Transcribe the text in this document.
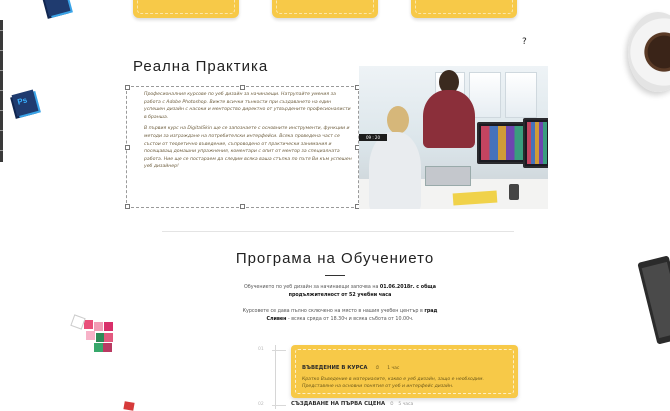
Ps
?
Реална Практика

Професионалния курсове по уеб дизайн за начинаещи. Натрупайте умения за работа с Adobe Photoshop. Вижте всички тънкости при създаването на един успешен дизайн с насоки и менторство директно от утвърдените професионалисти в бранша.

В първия курс на DigitalSkin ще се запознаете с основните инструменти, функции и методи за изграждане на потребителски интерфейси. Всяка проведена част се състои от теоретично въведение, съпроводено от практически занимания и посещаващ домашни упражнения, коментари с опит от ментор за специалната работа. Ние ще се постараем да следим всяка ваша стъпка по пътя Ви към успешен уеб дизайнер!

09 : 20
Програма на Обучението
Обучението по уеб дизайн за начинаещи започва на 01.06.2018г. с обща продължителност от 52 учебни часа
Курсовете се дава пълно сключено на място в нашия учебен център в град Сливен - всяка сряда от 18.30ч и всяка събота от 10.00ч.
01
02
ВЪВЕДЕНИЕ В КУРСА ⏱ 1 час
Кратко Въведение в материалите, какво е уеб дизайн, защо е необходим. Представяне на основни понятия от уеб и интерфейс дизайн.
СЪЗДАВАНЕ НА ПЪРВА СЦЕНА ⏱ 5 часа
